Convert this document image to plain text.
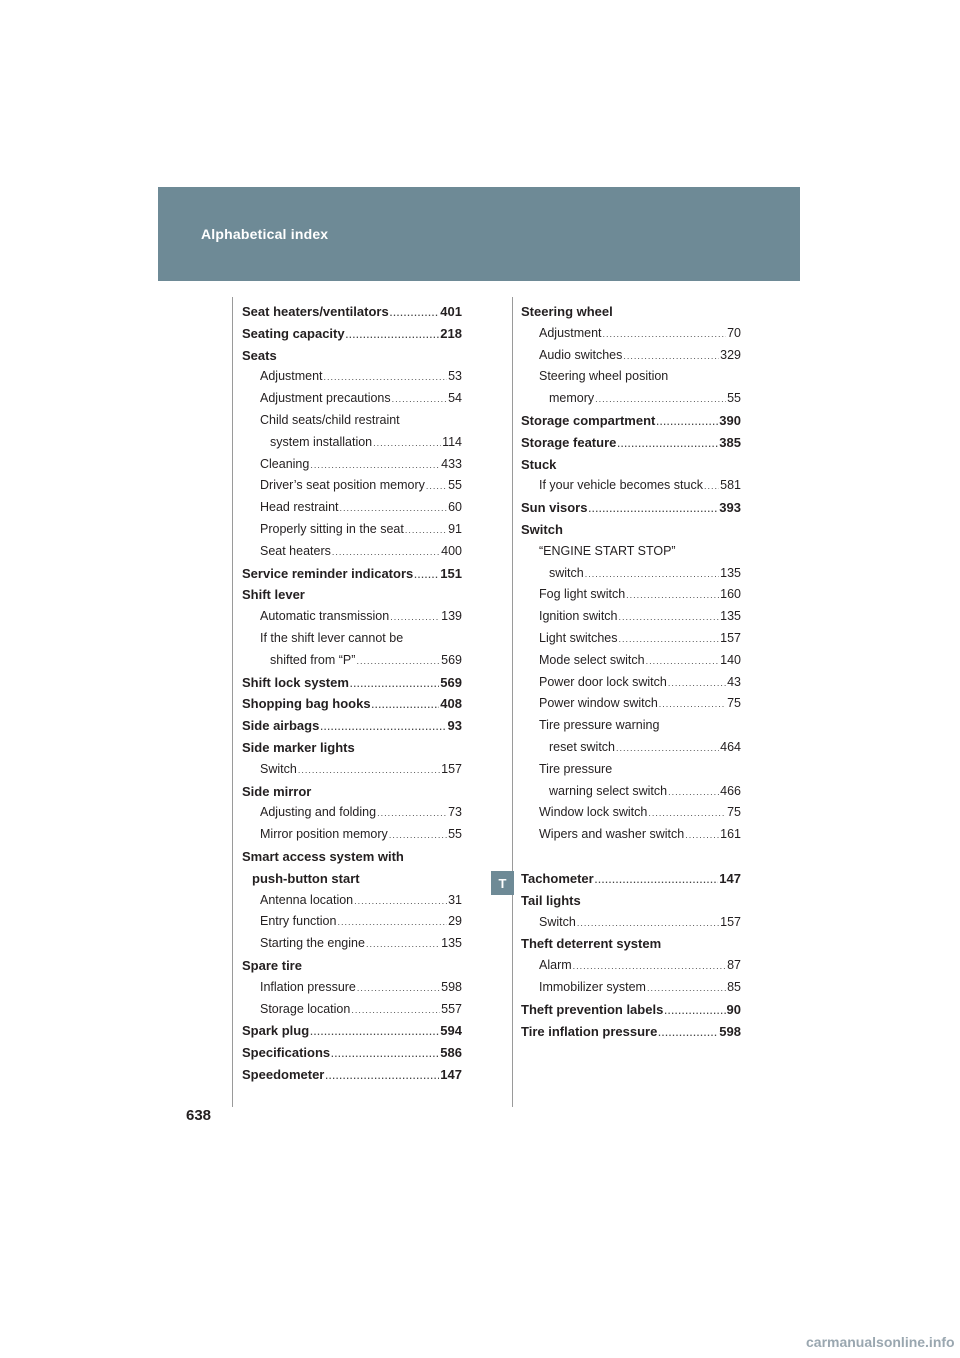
Alphabetical index
Seat heaters/ventilators .....	401
Seating capacity .....	218
Seats
Adjustment .....	53
Adjustment precautions .....	54
Child seats/child restraint
system installation .....	114
Cleaning .....	433
Driver’s seat position memory ..... 55
Head restraint .....	60
Properly sitting in the seat .....	91
Seat heaters .....	400
Service reminder indicators ..... 151
Shift lever
Automatic transmission .....	139
If the shift lever cannot be
shifted from “P” .....	569
Shift lock system .....	569
Shopping bag hooks .....	408
Side airbags .....	93
Side marker lights
Switch .....	157
Side mirror
Adjusting and folding .....	73
Mirror position memory .....	55
Smart access system with
push-button start
Antenna location .....	31
Entry function .....	29
Starting the engine .....	135
Spare tire
Inflation pressure .....	598
Storage location .....	557
Spark plug .....	594
Specifications .....	586
Speedometer .....	147
Steering wheel
Adjustment .....	70
Audio switches .....	329
Steering wheel position
memory .....	55
Storage compartment .....	390
Storage feature .....	385
Stuck
If your vehicle becomes stuck ..... 581
Sun visors .....	393
Switch
“ENGINE START STOP”
switch .....	135
Fog light switch .....	160
Ignition switch .....	135
Light switches .....	157
Mode select switch .....	140
Power door lock switch .....	43
Power window switch .....	75
Tire pressure warning
reset switch .....	464
Tire pressure
warning select switch .....	466
Window lock switch .....	75
Wipers and washer switch .....	161
Tachometer .....	147
Tail lights
Switch .....	157
Theft deterrent system
Alarm .....	87
Immobilizer system .....	85
Theft prevention labels .....	90
Tire inflation pressure .....	598
T
638
carmanualsonline.info
